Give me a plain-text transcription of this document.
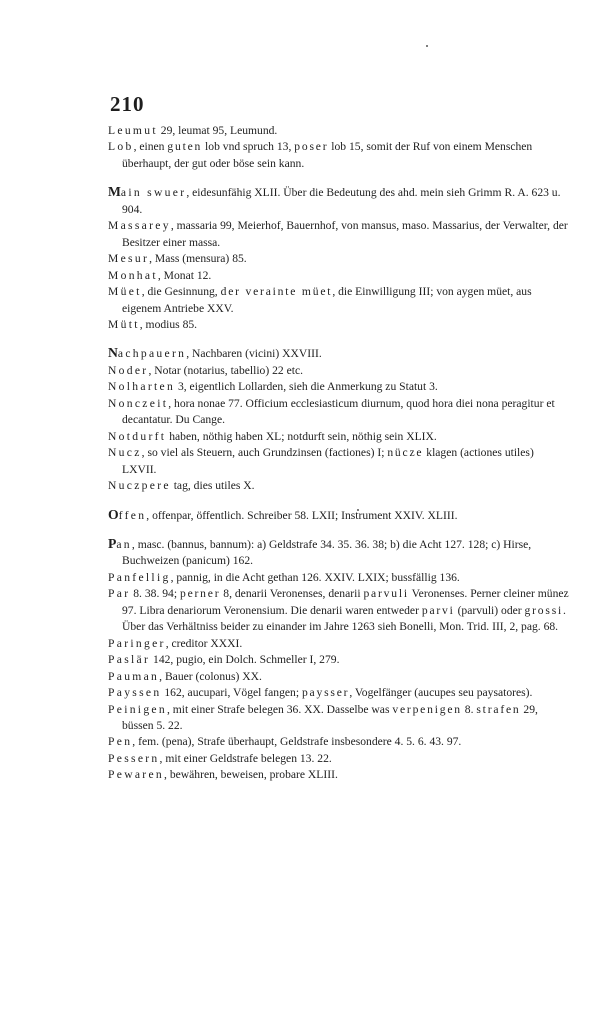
210
Leumut 29, leumat 95, Leumund.
Lob, einen guten lob vnd spruch 13, poser lob 15, somit der Ruf von einem Menschen überhaupt, der gut oder böse sein kann.
Main swuer, eidesunfähig XLII. Über die Bedeutung des ahd. mein sieh Grimm R. A. 623 u. 904.
Massarey, massaria 99, Meierhof, Bauernhof, von mansus, maso. Massarius, der Verwalter, der Besitzer einer massa.
Mesur, Mass (mensura) 85.
Monhat, Monat 12.
Müet, die Gesinnung, der veraint​e müet, die Einwilligung III; von aygen müet, aus eigenem Antriebe XXV.
Mütt, modius 85.
Nachpauern, Nachbaren (vicini) XXVIII.
Noder, Notar (notarius, tabellio) 22 etc.
Nolharten 3, eigentlich Lollarden, sieh die Anmerkung zu Statut 3.
Nonczeit, hora nonae 77. Officium ecclesiasticum diurnum, quod hora diei nona peragitur et decantatur. Du Cange.
Notdurft haben, nöthig haben XL; notdurft sein, nöthig sein XLIX.
Nucz, so viel als Steuern, auch Grundzinsen (factiones) I; nücze klagen (actiones utiles) LXVII.
Nuczpere tag, dies utiles X.
Offen, offenpar, öffentlich. Schreiber 58. LXII; Instrument XXIV. XLIII.
Pan, masc. (bannus, bannum): a) Geldstrafe 34. 35. 36. 38; b) die Acht 127. 128; c) Hirse, Buchweizen (panicum) 162.
Panfellig, pannig, in die Acht gethan 126. XXIV. LXIX; bussfällig 136.
Par 8. 38. 94; perner 8, denarii Veronenses, denarii parvuli Veronenses. Perner cleiner münez 97. Libra denariorum Veronensium. Die denarii waren entweder parvi (parvuli) oder grossi. Über das Verhältniss beider zu einander im Jahre 1263 sieh Bonelli, Mon. Trid. III, 2, pag. 68.
Paringer, creditor XXXI.
Paslär 142, pugio, ein Dolch. Schmeller I, 279.
Pauman, Bauer (colonus) XX.
Payssen 162, aucupari, Vögel fangen; paysser, Vogelfänger (aucupes seu paysatores).
Peinigen, mit einer Strafe belegen 36. XX. Dasselbe was verpenigen 8. strafen 29, büssen 5. 22.
Pen, fem. (pena), Strafe überhaupt, Geldstrafe insbesondere 4. 5. 6. 43. 97.
Pessern, mit einer Geldstrafe belegen 13. 22.
Pewaren, bewähren, beweisen, probare XLIII.
